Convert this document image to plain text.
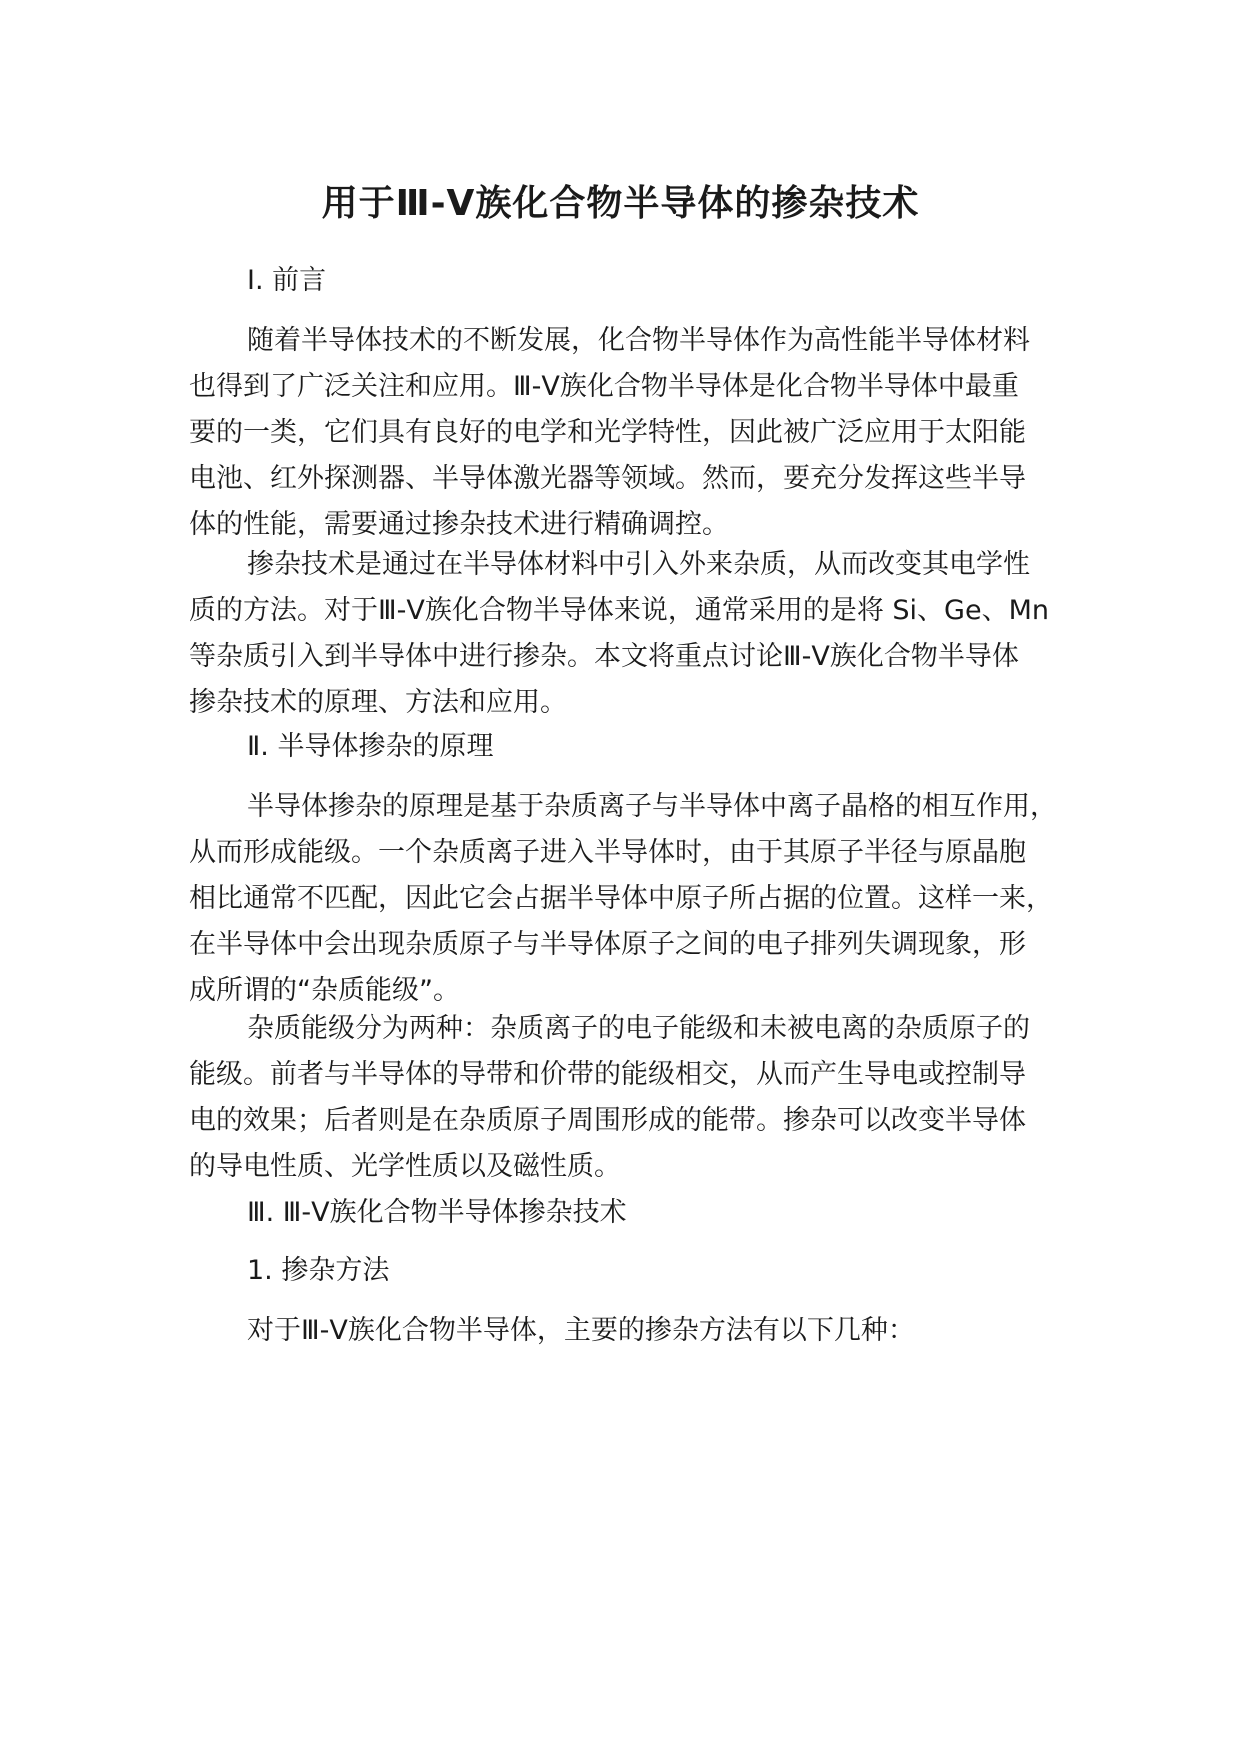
用于Ⅲ-Ⅴ族化合物半导体的掺杂技术
Ⅰ. 前言
随着半导体技术的不断发展，化合物半导体作为高性能半导体材料
也得到了广泛关注和应用。Ⅲ-Ⅴ族化合物半导体是化合物半导体中最重
要的一类，它们具有良好的电学和光学特性，因此被广泛应用于太阳能
电池、红外探测器、半导体激光器等领域。然而，要充分发挥这些半导
体的性能，需要通过掺杂技术进行精确调控。
掺杂技术是通过在半导体材料中引入外来杂质，从而改变其电学性
质的方法。对于Ⅲ-Ⅴ族化合物半导体来说，通常采用的是将 Si、Ge、Mn
等杂质引入到半导体中进行掺杂。本文将重点讨论Ⅲ-Ⅴ族化合物半导体
掺杂技术的原理、方法和应用。
Ⅱ. 半导体掺杂的原理
半导体掺杂的原理是基于杂质离子与半导体中离子晶格的相互作用，
从而形成能级。一个杂质离子进入半导体时，由于其原子半径与原晶胞
相比通常不匹配，因此它会占据半导体中原子所占据的位置。这样一来，
在半导体中会出现杂质原子与半导体原子之间的电子排列失调现象，形
成所谓的“杂质能级”。
杂质能级分为两种：杂质离子的电子能级和未被电离的杂质原子的
能级。前者与半导体的导带和价带的能级相交，从而产生导电或控制导
电的效果；后者则是在杂质原子周围形成的能带。掺杂可以改变半导体
的导电性质、光学性质以及磁性质。
Ⅲ. Ⅲ-Ⅴ族化合物半导体掺杂技术
1. 掺杂方法
对于Ⅲ-Ⅴ族化合物半导体，主要的掺杂方法有以下几种：
